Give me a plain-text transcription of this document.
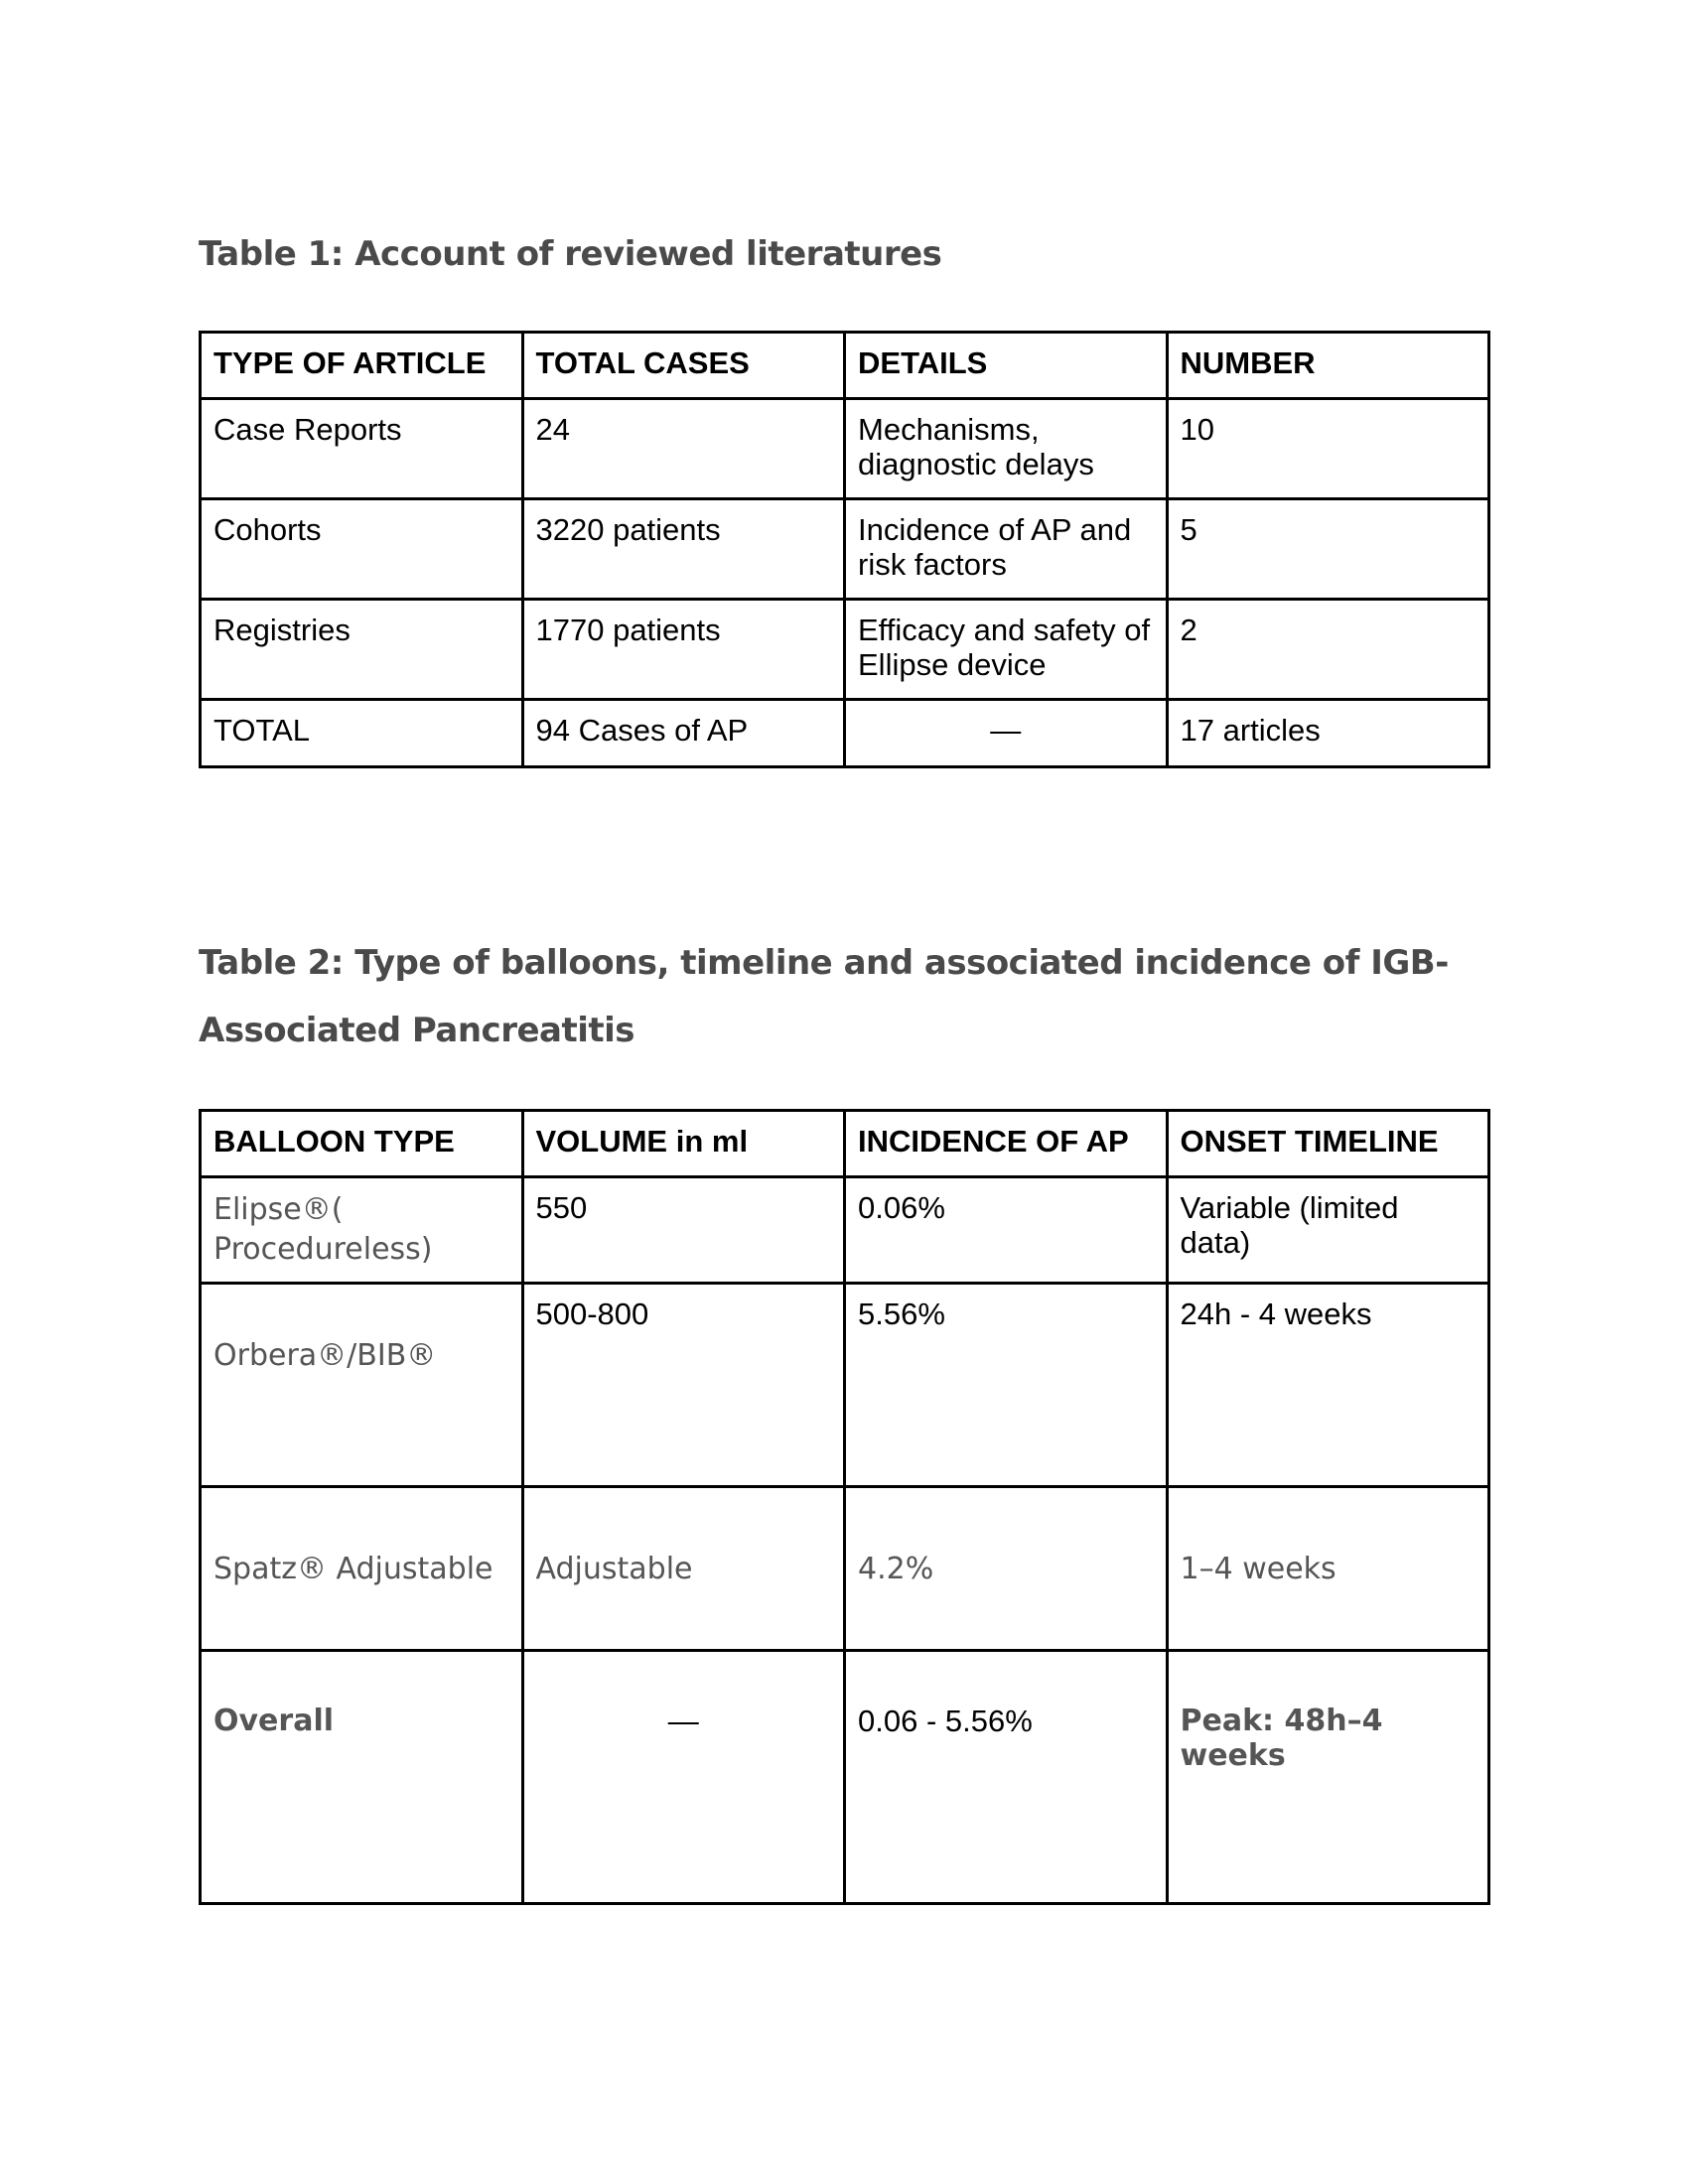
Table 1: Account of reviewed literatures
TYPE OF ARTICLE	TOTAL CASES	DETAILS	NUMBER
Case Reports	24	Mechanisms, diagnostic delays	10
Cohorts	3220 patients	Incidence of AP and risk factors	5
Registries	1770 patients	Efficacy and safety of Ellipse device	2
TOTAL	94 Cases of AP	—	17 articles
Table 2: Type of balloons, timeline and associated incidence of IGB-
Associated Pancreatitis
BALLOON TYPE	VOLUME in ml	INCIDENCE OF AP	ONSET TIMELINE
Elipse®( Procedureless)	550	0.06%	Variable (limited data)
Orbera®/BIB®	500-800	5.56%	24h - 4 weeks
Spatz® Adjustable	Adjustable	4.2%	1–4 weeks
Overall	—	0.06 - 5.56%	Peak: 48h–4 weeks
